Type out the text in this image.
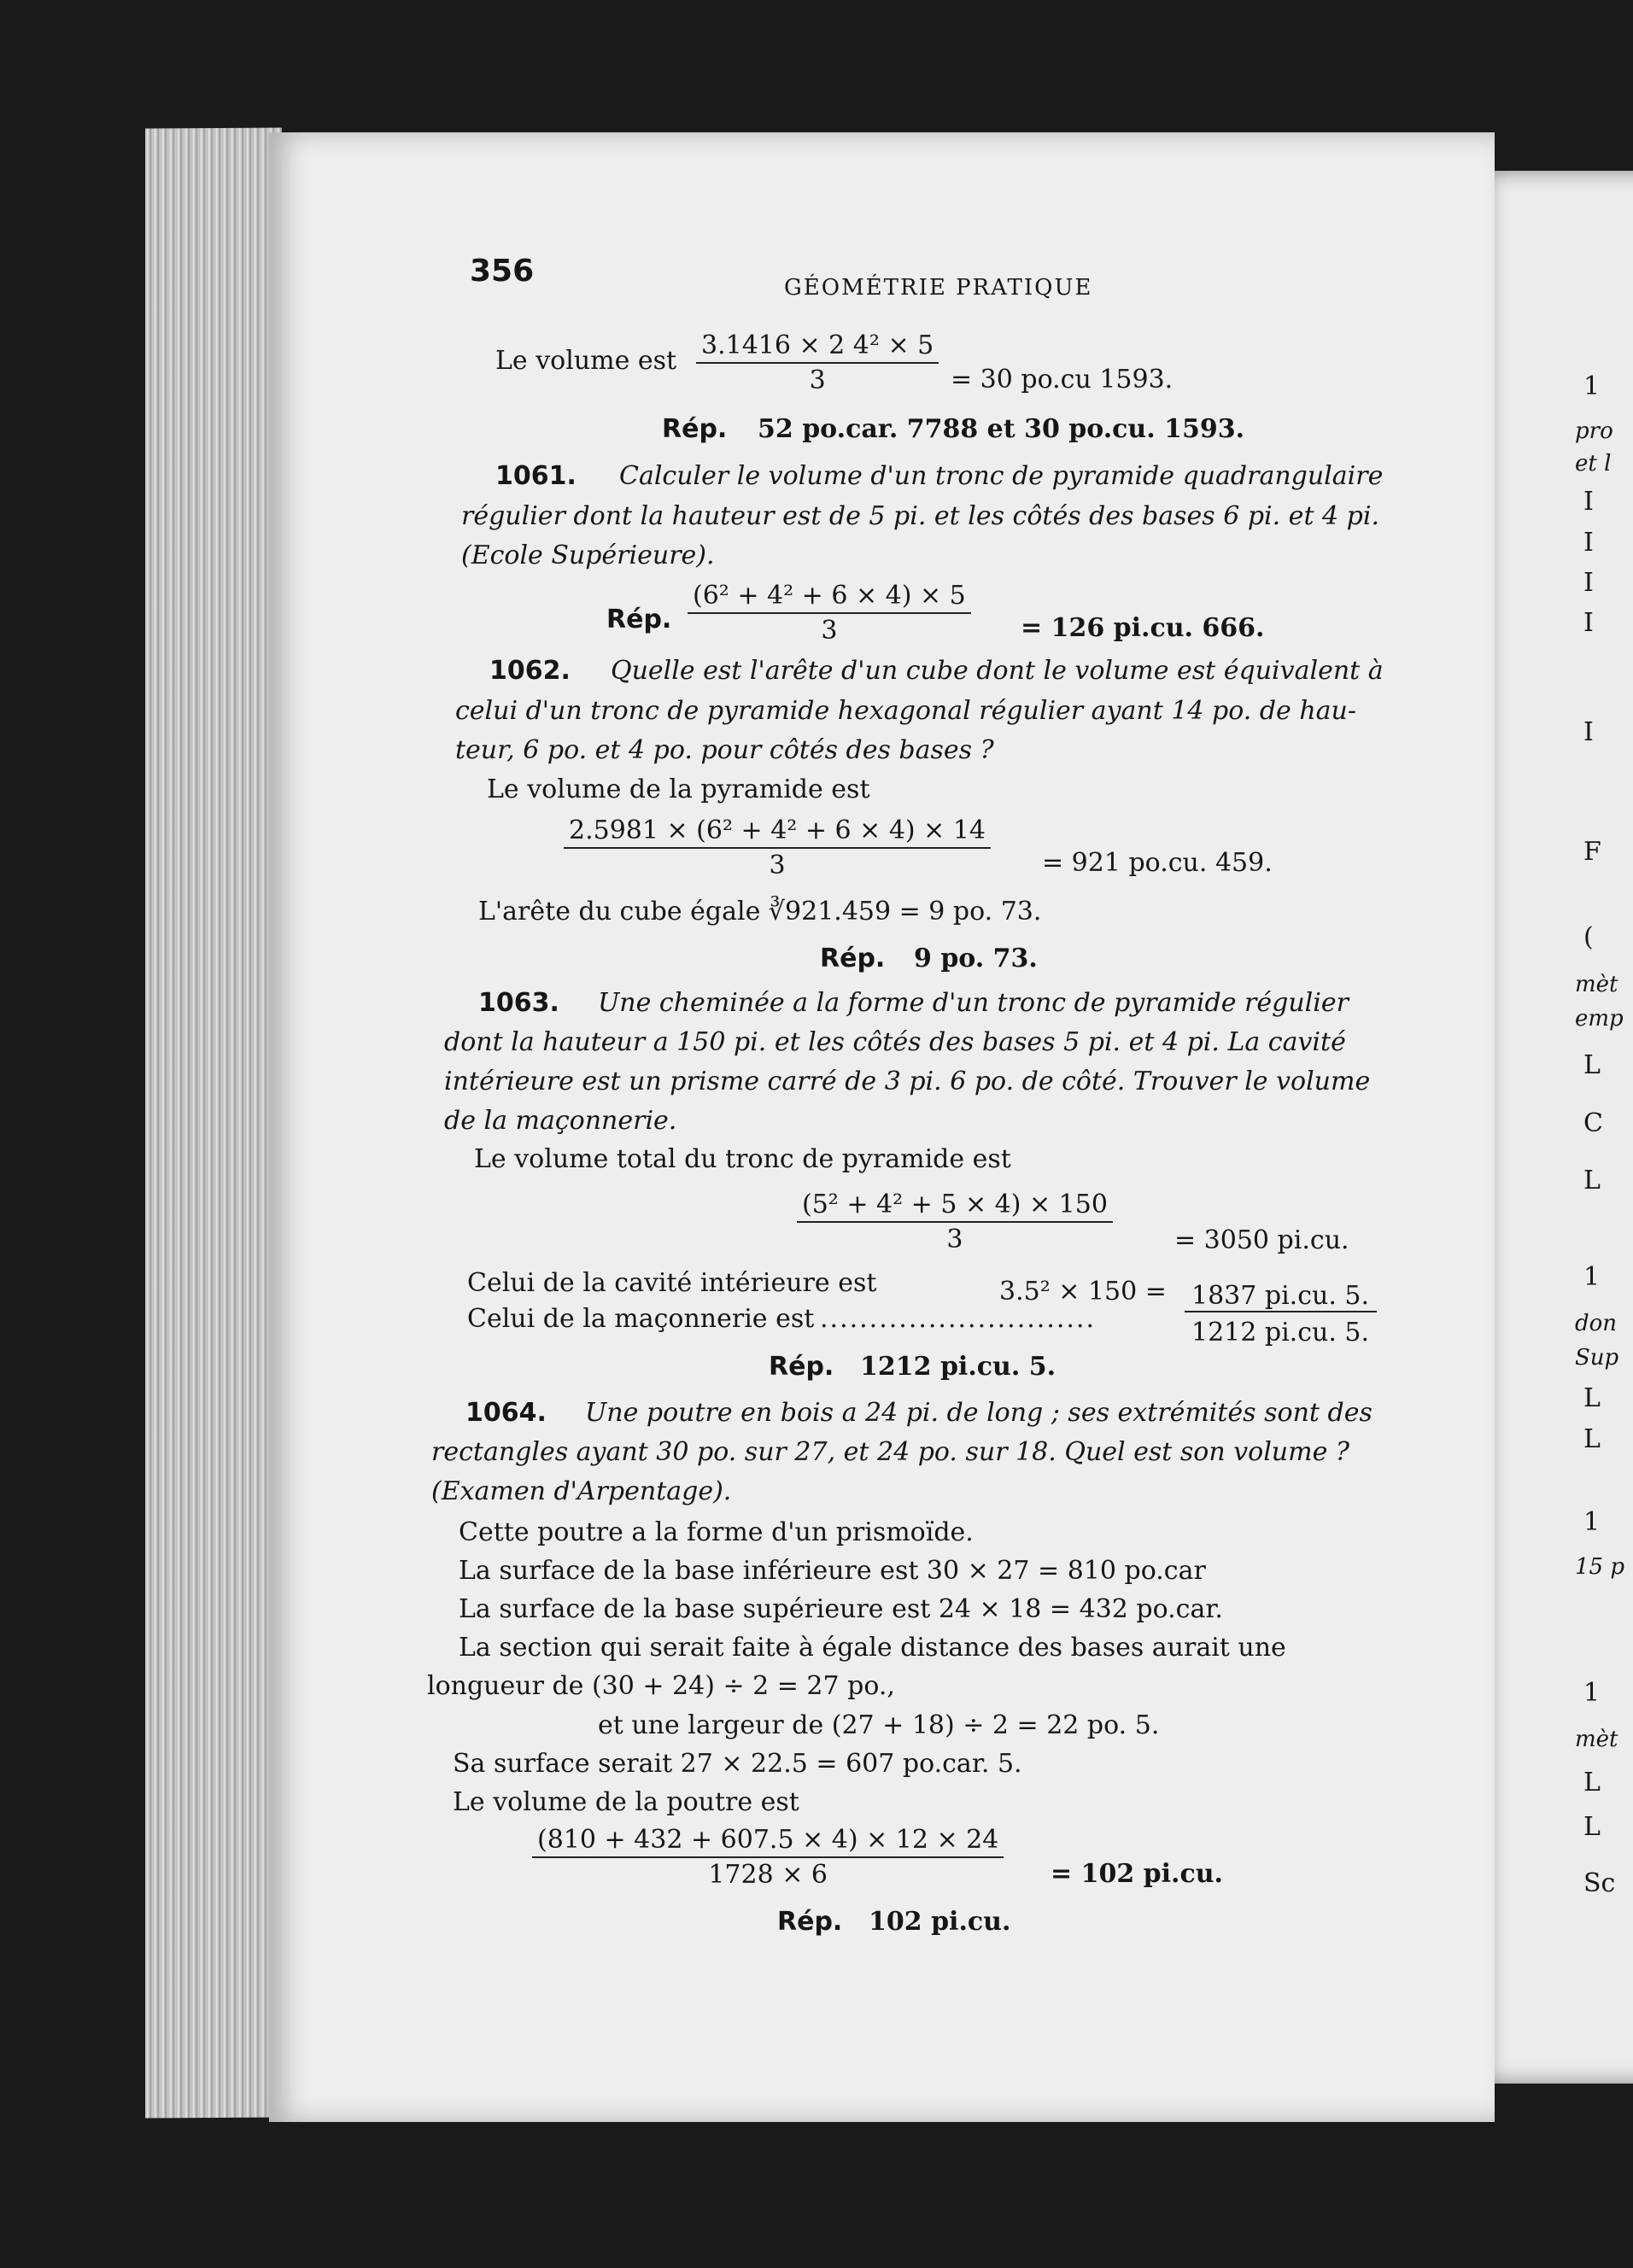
1
pro
et l
I
I
I
I
I
F
(
mèt
emp
L
C
L
1
don
Sup
L
L
1
15 p
1
mèt
L
L
Sc
356	GÉOMÉTRIE PRATIQUE
Le volume est $\frac{\text{3.1416 × 2 4² × 5}}{3} = 30$ po.cu 1593.
Rép. 52 po.car. 7788 et 30 po.cu. 1593.
1061. Calculer le volume d'un tronc de pyramide quadrangulaire
régulier dont la hauteur est de 5 pi. et les côtés des bases 6 pi. et 4 pi.
(Ecole Supérieure).
Rép. $\frac{\text{(6² + 4² + 6 × 4) × 5}}{3} = 126$ pi.cu. 666.
1062. Quelle est l'arête d'un cube dont le volume est équivalent à
celui d'un tronc de pyramide hexagonal régulier ayant 14 po. de hau-
teur, 6 po. et 4 po. pour côtés des bases ?
Le volume de la pyramide est
$\frac{\text{2.5981 × (6² + 4² + 6 × 4) × 14}}{3} = 921$ po.cu. 459.
L'arête du cube égale ∛921.459 = 9 po. 73.
Rép. 9 po. 73.
1063. Une cheminée a la forme d'un tronc de pyramide régulier
dont la hauteur a 150 pi. et les côtés des bases 5 pi. et 4 pi. La cavité
intérieure est un prisme carré de 3 pi. 6 po. de côté. Trouver le volume
de la maçonnerie.
Le volume total du tronc de pyramide est
$\frac{\text{(5² + 4² + 5 × 4) × 150}}{3} = 3050$ pi.cu.
Celui de la cavité intérieure est	3.5² × 150 = 1837 pi.cu. 5.
Celui de la maçonnerie est ............................	1212 pi.cu. 5.
Rép. 1212 pi.cu. 5.
1064. Une poutre en bois a 24 pi. de long ; ses extrémités sont des
rectangles ayant 30 po. sur 27, et 24 po. sur 18. Quel est son volume ?
(Examen d'Arpentage).
Cette poutre a la forme d'un prismoïde.
La surface de la base inférieure est 30 × 27 = 810 po.car
La surface de la base supérieure est 24 × 18 = 432 po.car.
La section qui serait faite à égale distance des bases aurait une
longueur de (30 + 24) ÷ 2 = 27 po.,
et une largeur de (27 + 18) ÷ 2 = 22 po. 5.
Sa surface serait 27 × 22.5 = 607 po.car. 5.
Le volume de la poutre est
$\frac{(810 + 432 + 607.5 \times 4) \times 12 \times 24}{1728 \times 6} = 102$ pi.cu.
Rép. 102 pi.cu.
